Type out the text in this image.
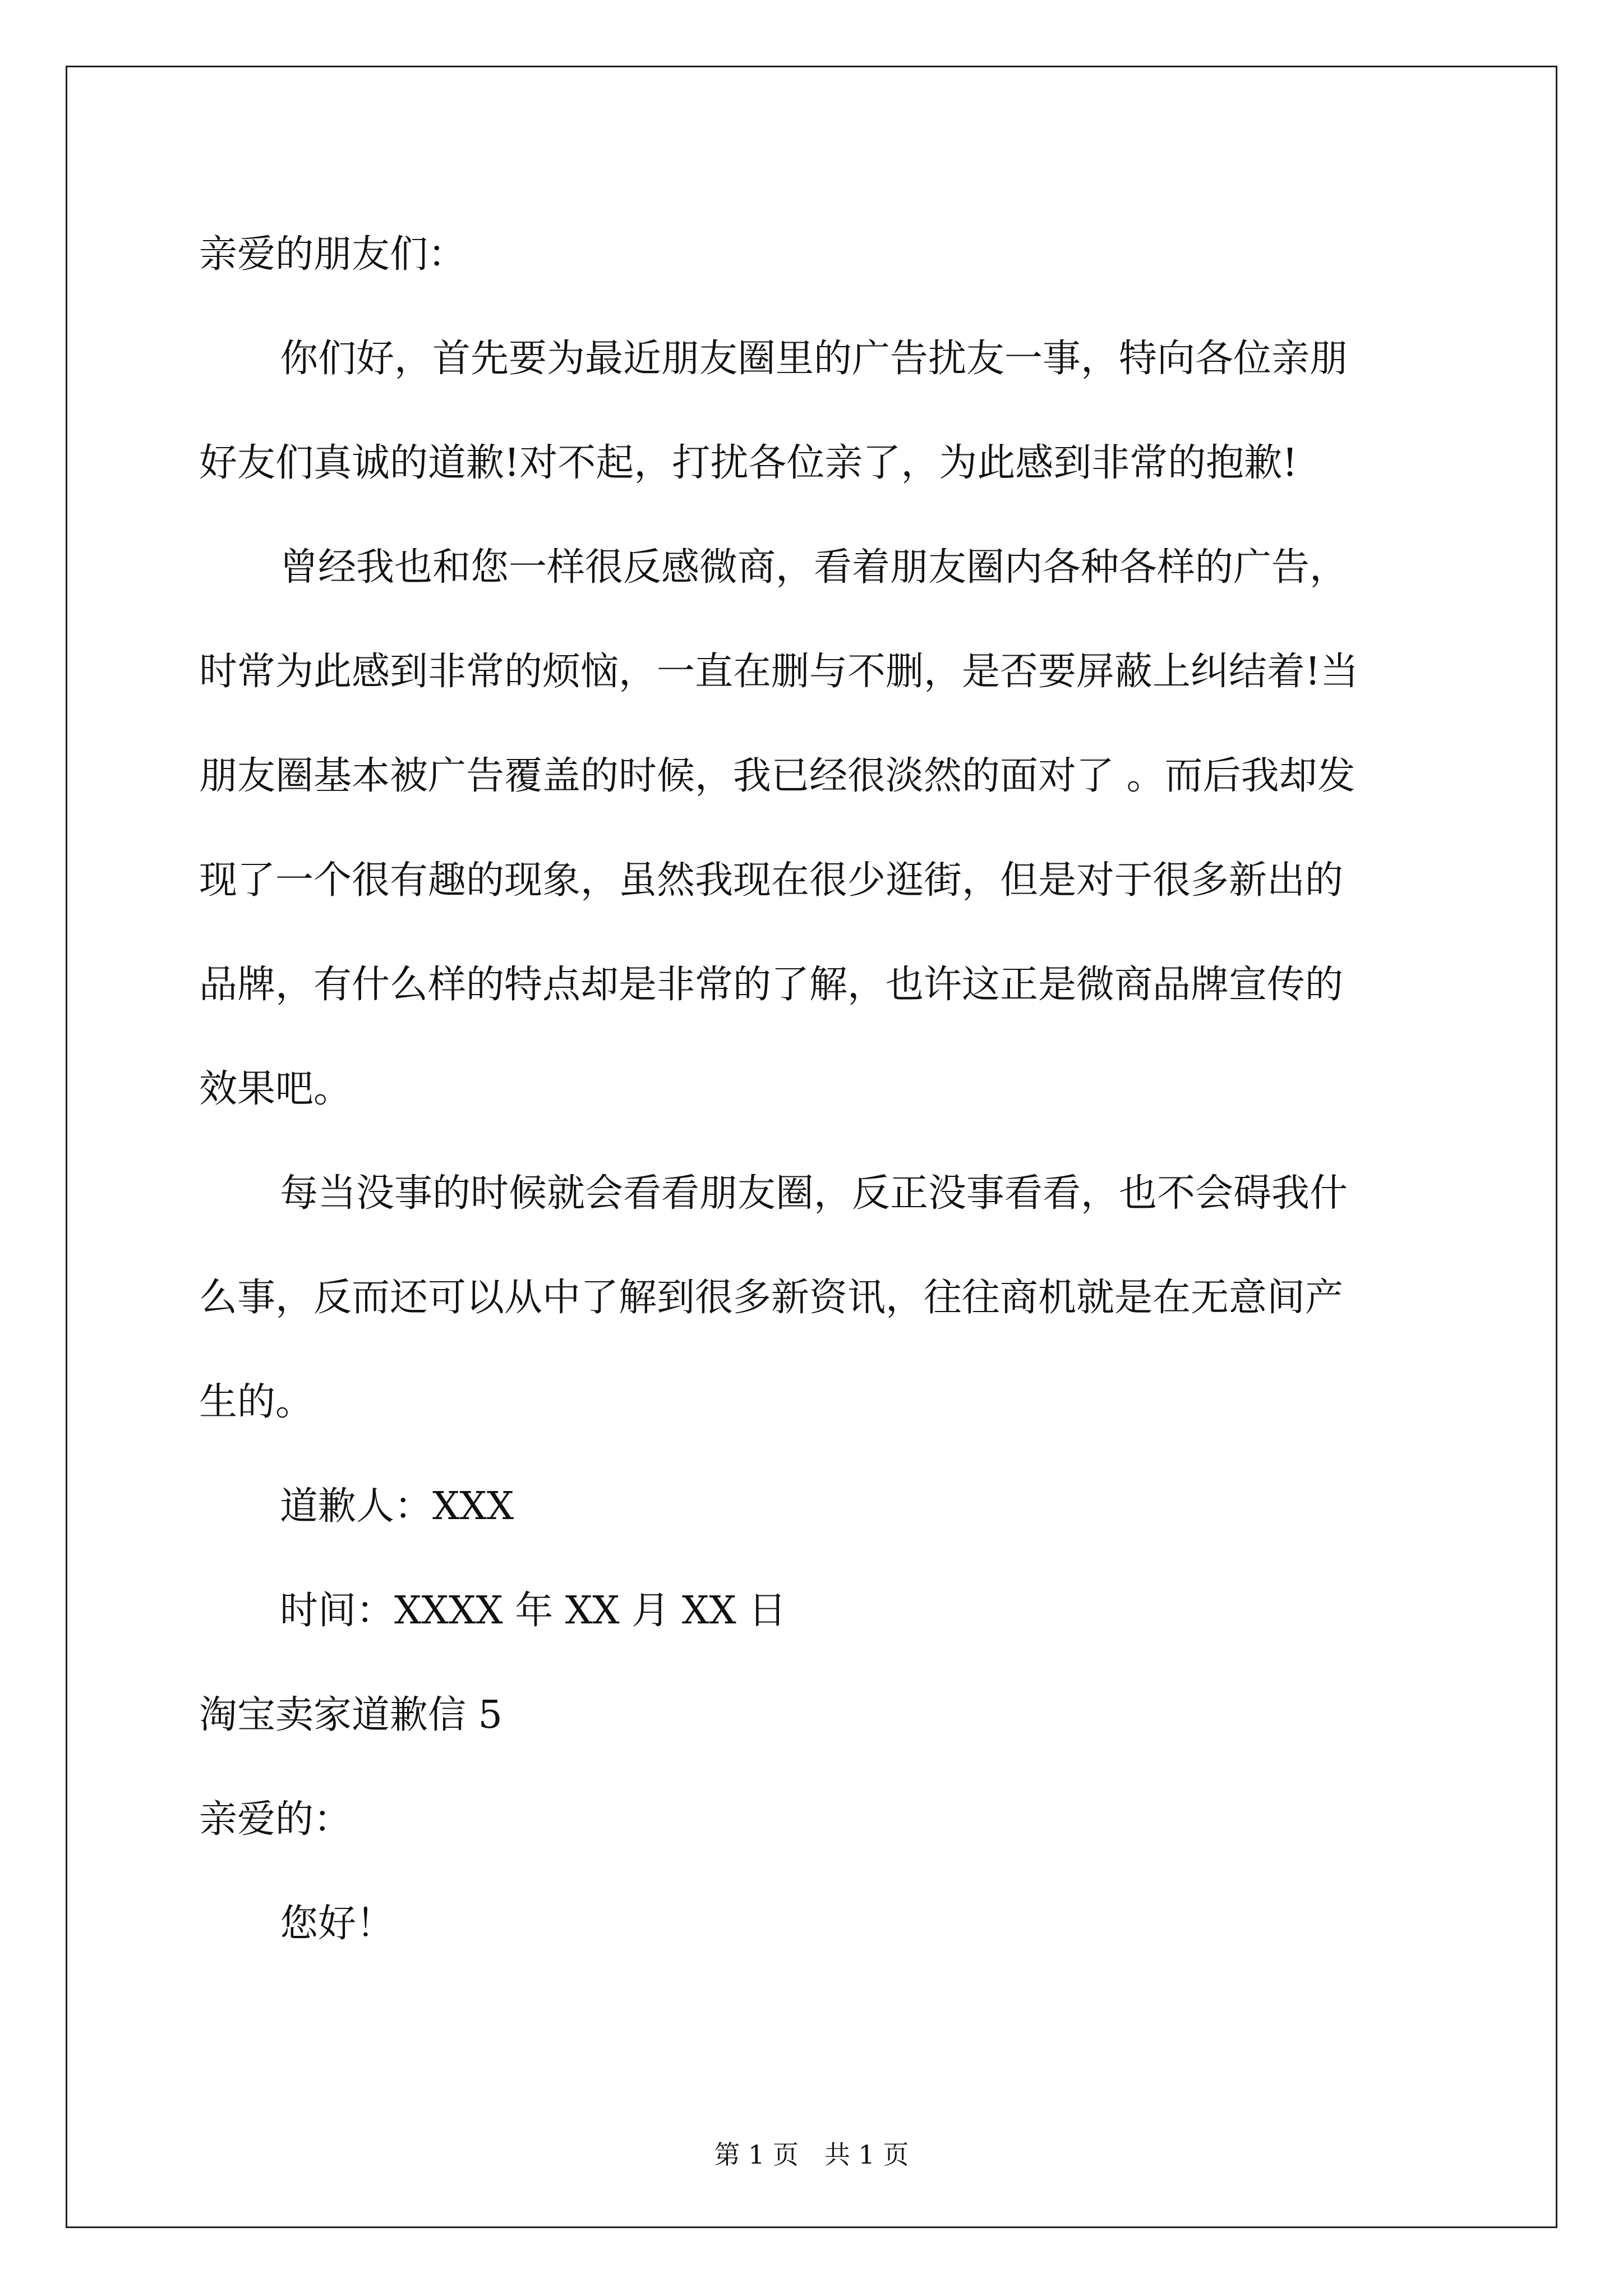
亲爱的朋友们：
你们好，首先要为最近朋友圈里的广告扰友一事，特向各位亲朋
好友们真诚的道歉!对不起，打扰各位亲了，为此感到非常的抱歉!
曾经我也和您一样很反感微商，看着朋友圈内各种各样的广告，
时常为此感到非常的烦恼，一直在删与不删，是否要屏蔽上纠结着!当
朋友圈基本被广告覆盖的时候，我已经很淡然的面对了 。而后我却发
现了一个很有趣的现象，虽然我现在很少逛街，但是对于很多新出的
品牌，有什么样的特点却是非常的了解，也许这正是微商品牌宣传的
效果吧。
每当没事的时候就会看看朋友圈，反正没事看看，也不会碍我什
么事，反而还可以从中了解到很多新资讯，往往商机就是在无意间产
生的。
道歉人：XXX
时间：XXXX 年 XX 月 XX 日
淘宝卖家道歉信 5
亲爱的：
您好！
第 1 页　共 1 页
